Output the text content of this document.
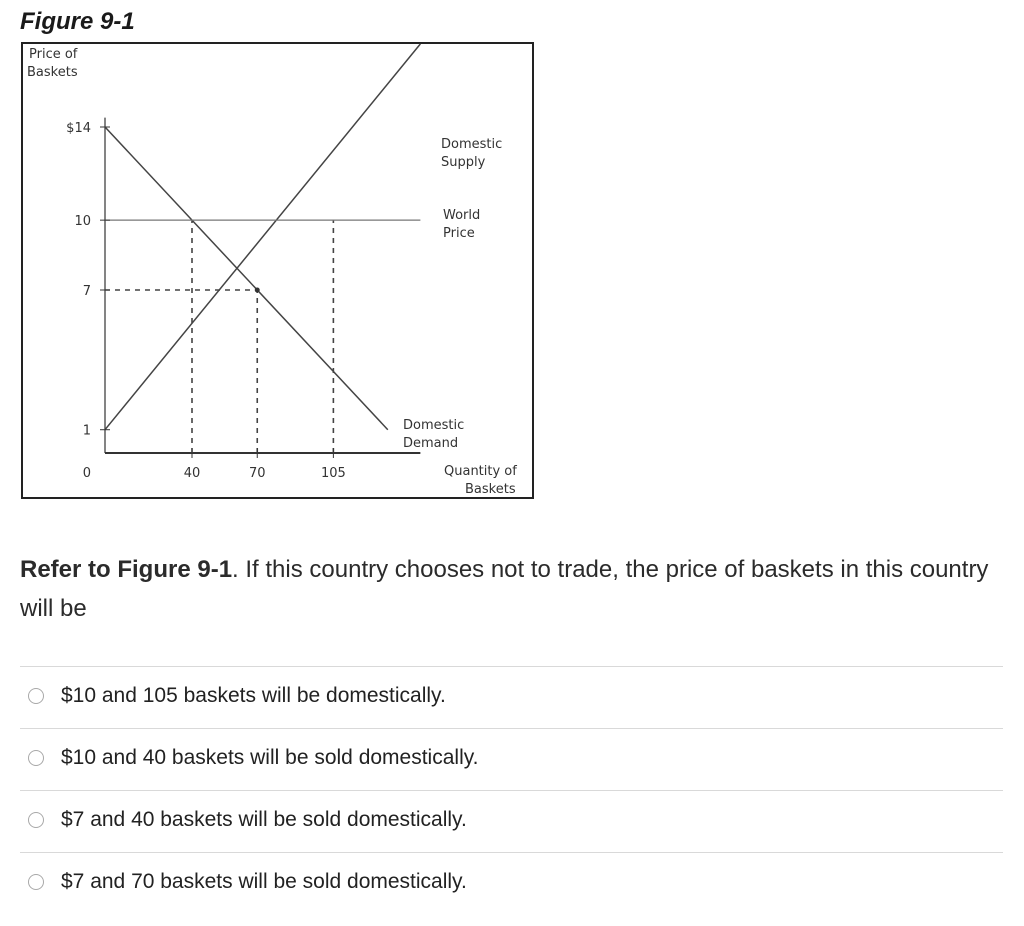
Figure 9-1
Price of
Baskets
Quantity of
Baskets
$14
10
7
1
0	40	70	105
Domestic
Supply
World
Price
Domestic
Demand

Refer to Figure 9-1. If this country chooses not to trade, the price of baskets in this country will be

$10 and 105 baskets will be domestically.
$10 and 40 baskets will be sold domestically.
$7 and 40 baskets will be sold domestically.
$7 and 70 baskets will be sold domestically.
